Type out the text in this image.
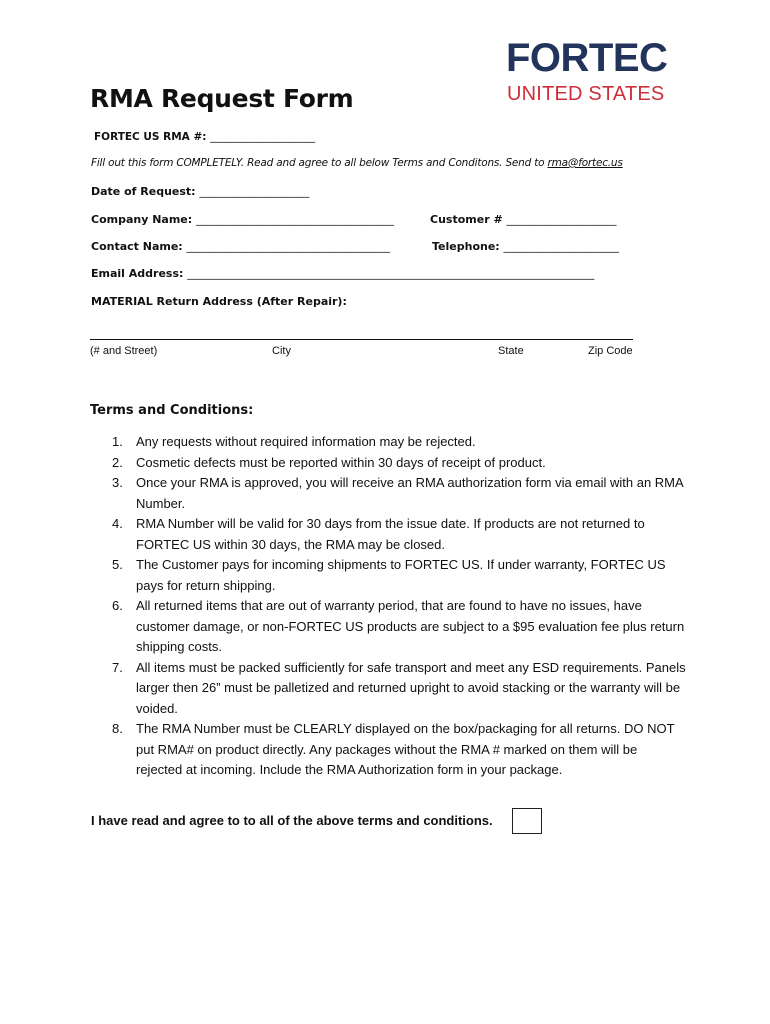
FORTEC
UNITED STATES
RMA Request Form
FORTEC US RMA #: ____________________
Fill out this form COMPLETELY. Read and agree to all below Terms and Conditons. Send to rma@fortec.us
Date of Request: ____________________
Company Name: ____________________________________	Customer # ____________________
Contact Name: _____________________________________	Telephone: _____________________
Email Address: __________________________________________________________________________
MATERIAL Return Address (After Repair):
(# and Street)	City	State	Zip Code
Terms and Conditions:
1.	Any requests without required information may be rejected.
2.	Cosmetic defects must be reported within 30 days of receipt of product.
3.	Once your RMA is approved, you will receive an RMA authorization form via email with an RMA Number.
4.	RMA Number will be valid for 30 days from the issue date. If products are not returned to FORTEC US within 30 days, the RMA may be closed.
5.	The Customer pays for incoming shipments to FORTEC US. If under warranty, FORTEC US pays for return shipping.
6.	All returned items that are out of warranty period, that are found to have no issues, have customer damage, or non-FORTEC US products are subject to a $95 evaluation fee plus return shipping costs.
7.	All items must be packed sufficiently for safe transport and meet any ESD requirements. Panels larger then 26” must be palletized and returned upright to avoid stacking or the warranty will be voided.
8.	The RMA Number must be CLEARLY displayed on the box/packaging for all returns. DO NOT put RMA# on product directly. Any packages without the RMA # marked on them will be rejected at incoming. Include the RMA Authorization form in your package.
I have read and agree to to all of the above terms and conditions.
